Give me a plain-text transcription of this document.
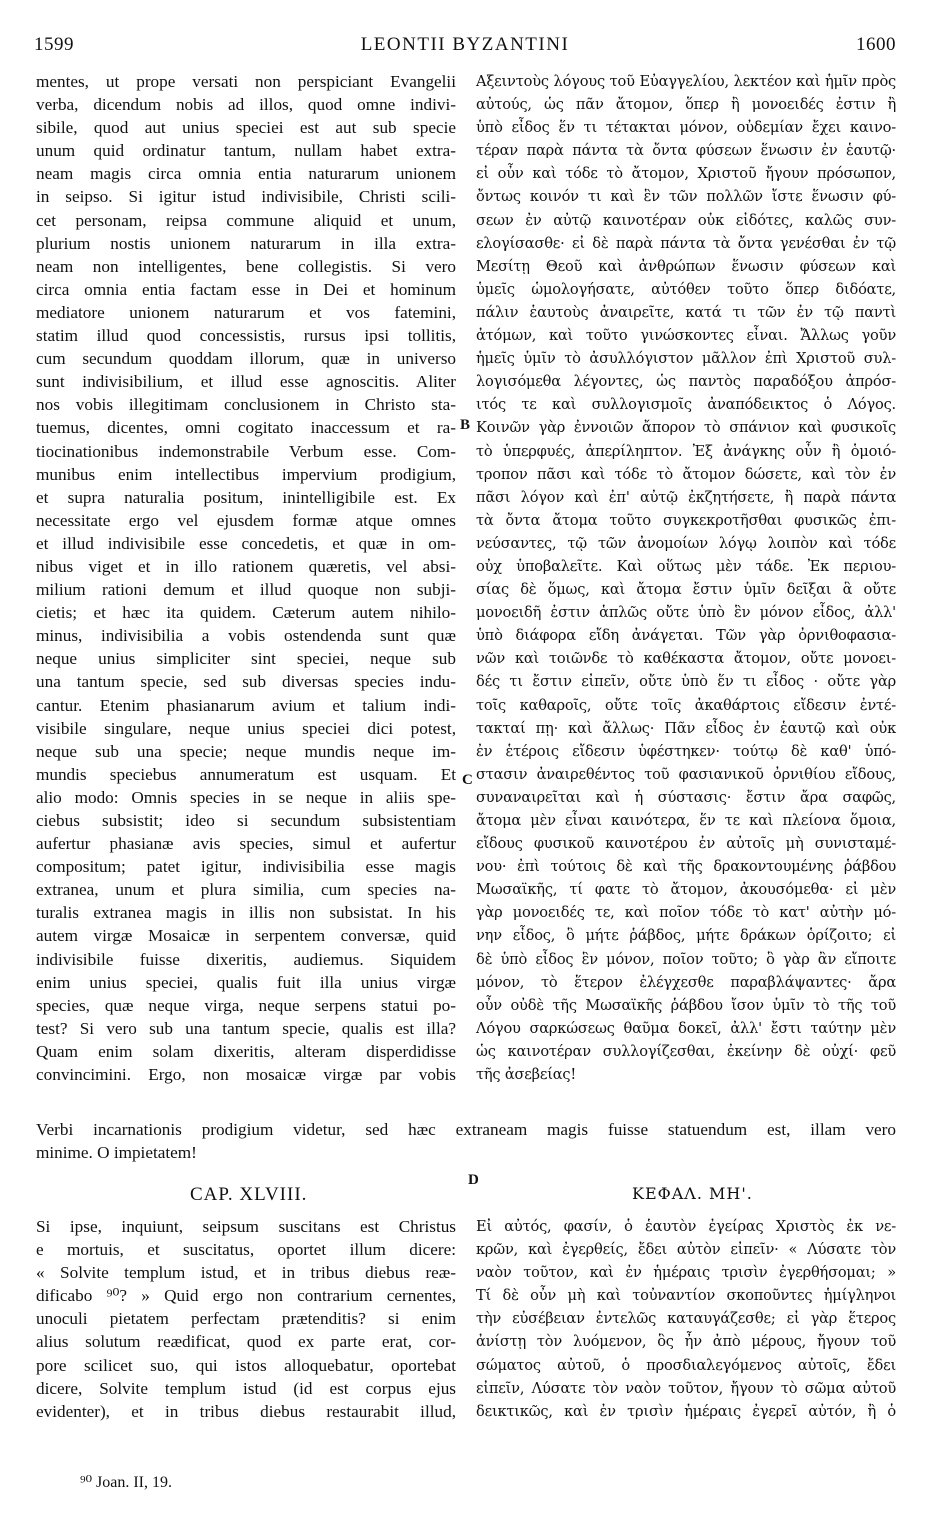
1599	LEONTII BYZANTINI	1600
mentes, ut prope versati non perspiciant Evangelii
verba, dicendum nobis ad illos, quod omne indivi-
sibile, quod aut unius speciei est aut sub specie
unum quid ordinatur tantum, nullam habet extra-
neam magis circa omnia entia naturarum unionem
in seipso. Si igitur istud indivisibile, Christi scili-
cet personam, reipsa commune aliquid et unum,
plurium nostis unionem naturarum in illa extra-
neam non intelligentes, bene collegistis. Si vero
circa omnia entia factam esse in Dei et hominum
mediatore unionem naturarum et vos fatemini,
statim illud quod concessistis, rursus ipsi tollitis,
cum secundum quoddam illorum, quæ in universo
sunt indivisibilium, et illud esse agnoscitis. Aliter
nos vobis illegitimam conclusionem in Christo sta-
tuemus, dicentes, omni cogitato inaccessum et ra-
tiocinationibus indemonstrabile Verbum esse. Com-
munibus enim intellectibus impervium prodigium,
et supra naturalia positum, inintelligibile est. Ex
necessitate ergo vel ejusdem formæ atque omnes
et illud indivisibile esse concedetis, et quæ in om-
nibus viget et in illo rationem quæretis, vel absi-
milium rationi demum et illud quoque non subji-
cietis; et hæc ita quidem. Cæterum autem nihilo-
minus, indivisibilia a vobis ostendenda sunt quæ
neque unius simpliciter sint speciei, neque sub
una tantum specie, sed sub diversas species indu-
cantur. Etenim phasianarum avium et talium indi-
visibile singulare, neque unius speciei dici potest,
neque sub una specie; neque mundis neque im-
mundis speciebus annumeratum est usquam. Et
alio modo: Omnis species in se neque in aliis spe-
ciebus subsistit; ideo si secundum subsistentiam
aufertur phasianæ avis species, simul et aufertur
compositum; patet igitur, indivisibilia esse magis
extranea, unum et plura similia, cum species na-
turalis extranea magis in illis non subsistat. In his
autem virgæ Mosaicæ in serpentem conversæ, quid
indivisibile fuisse dixeritis, audiemus. Siquidem
enim unius speciei, qualis fuit illa unius virgæ
species, quæ neque virga, neque serpens statui po-
test? Si vero sub una tantum specie, qualis est illa?
Quam enim solam dixeritis, alteram disperdidisse
convincimini. Ergo, non mosaicæ virgæ par vobis
Αξειντοὺς λόγους τοῦ Εὐαγγελίου, λεκτέον καὶ ἡμῖν πρὸς
αὐτούς, ὡς πᾶν ἄτομον, ὅπερ ἢ μονοειδές ἐστιν ἢ
ὑπὸ εἶδος ἕν τι τέτακται μόνον, οὐδεμίαν ἔχει καινο-
τέραν παρὰ πάντα τὰ ὄντα φύσεων ἕνωσιν ἐν ἑαυτῷ·
εἰ οὖν καὶ τόδε τὸ ἄτομον, Χριστοῦ ἤγουν πρόσωπον,
ὄντως κοινόν τι καὶ ἓν τῶν πολλῶν ἴστε ἕνωσιν φύ-
σεων ἐν αὐτῷ καινοτέραν οὐκ εἰδότες, καλῶς συν-
ελογίσασθε· εἰ δὲ παρὰ πάντα τὰ ὄντα γενέσθαι ἐν τῷ
Μεσίτῃ Θεοῦ καὶ ἀνθρώπων ἕνωσιν φύσεων καὶ
ὑμεῖς ὡμολογήσατε, αὐτόθεν τοῦτο ὅπερ διδόατε,
πάλιν ἑαυτοὺς ἀναιρεῖτε, κατά τι τῶν ἐν τῷ παντὶ
ἀτόμων, καὶ τοῦτο γινώσκοντες εἶναι. Ἄλλως γοῦν
ἡμεῖς ὑμῖν τὸ ἀσυλλόγιστον μᾶλλον ἐπὶ Χριστοῦ συλ-
λογισόμεθα λέγοντες, ὡς παντὸς παραδόξου ἀπρόσ-
ιτός τε καὶ συλλογισμοῖς ἀναπόδεικτος ὁ Λόγος.
Κοινῶν γὰρ ἐννοιῶν ἄπορον τὸ σπάνιον καὶ φυσικοῖς
τὸ ὑπερφυές, ἀπερίληπτον. Ἐξ ἀνάγκης οὖν ἢ ὁμοιό-
τροπον πᾶσι καὶ τόδε τὸ ἄτομον δώσετε, καὶ τὸν ἐν
πᾶσι λόγον καὶ ἐπ' αὐτῷ ἐκζητήσετε, ἢ παρὰ πάντα
τὰ ὄντα ἄτομα τοῦτο συγκεκροτῆσθαι φυσικῶς ἐπι-
νεύσαντες, τῷ τῶν ἀνομοίων λόγῳ λοιπὸν καὶ τόδε
οὐχ ὑποβαλεῖτε. Καὶ οὕτως μὲν τάδε. Ἐκ περιου-
σίας δὲ ὅμως, καὶ ἄτομα ἔστιν ὑμῖν δεῖξαι ἃ οὔτε
μονοειδῆ ἐστιν ἁπλῶς οὔτε ὑπὸ ἓν μόνον εἶδος, ἀλλ'
ὑπὸ διάφορα εἴδη ἀνάγεται. Τῶν γὰρ ὀρνιθοφασια-
νῶν καὶ τοιῶνδε τὸ καθέκαστα ἄτομον, οὔτε μονοει-
δές τι ἔστιν εἰπεῖν, οὔτε ὑπὸ ἕν τι εἶδος · οὔτε γὰρ
τοῖς καθαροῖς, οὔτε τοῖς ἀκαθάρτοις εἴδεσιν ἐντέ-
τακταί πῃ· καὶ ἄλλως· Πᾶν εἶδος ἐν ἑαυτῷ καὶ οὐκ
ἐν ἑτέροις εἴδεσιν ὑφέστηκεν· τούτῳ δὲ καθ' ὑπό-
στασιν ἀναιρεθέντος τοῦ φασιανικοῦ ὀρνιθίου εἴδους,
συναναιρεῖται καὶ ἡ σύστασις· ἔστιν ἄρα σαφῶς,
ἄτομα μὲν εἶναι καινότερα, ἕν τε καὶ πλείονα ὅμοια,
εἴδους φυσικοῦ καινοτέρου ἐν αὐτοῖς μὴ συνισταμέ-
νου· ἐπὶ τούτοις δὲ καὶ τῆς δρακοντουμένης ῥάβδου
Μωσαϊκῆς, τί φατε τὸ ἄτομον, ἀκουσόμεθα· εἰ μὲν
γὰρ μονοειδές τε, καὶ ποῖον τόδε τὸ κατ' αὐτὴν μό-
νην εἶδος, ὃ μήτε ῥάβδος, μήτε δράκων ὁρίζοιτο; εἰ
δὲ ὑπὸ εἶδος ἓν μόνον, ποῖον τοῦτο; ὃ γὰρ ἂν εἴποιτε
μόνον, τὸ ἕτερον ἐλέγχεσθε παραβλάψαντες· ἄρα
οὖν οὐδὲ τῆς Μωσαϊκῆς ῥάβδου ἴσον ὑμῖν τὸ τῆς τοῦ
Λόγου σαρκώσεως θαῦμα δοκεῖ, ἀλλ' ἔστι ταύτην μὲν
ὡς καινοτέραν συλλογίζεσθαι, ἐκείνην δὲ οὐχί· φεῦ
τῆς ἀσεβείας!
B
C
D
Verbi incarnationis prodigium videtur, sed hæc extraneam magis fuisse statuendum est, illam vero
minime. O impietatem!
CAP. XLVIII.	ΚΕΦΑΛ. ΜΗ'.
Si ipse, inquiunt, seipsum suscitans est Christus
e mortuis, et suscitatus, oportet illum dicere:
« Solvite templum istud, et in tribus diebus reæ-
dificabo ⁹⁰? » Quid ergo non contrarium cernentes,
unoculi pietatem perfectam prætenditis? si enim
alius solutum reædificat, quod ex parte erat, cor-
pore scilicet suo, qui istos alloquebatur, oportebat
dicere, Solvite templum istud (id est corpus ejus
evidenter), et in tribus diebus restaurabit illud,
Εἰ αὐτός, φασίν, ὁ ἑαυτὸν ἐγείρας Χριστὸς ἐκ νε-
κρῶν, καὶ ἐγερθείς, ἔδει αὐτὸν εἰπεῖν· « Λύσατε τὸν
ναὸν τοῦτον, καὶ ἐν ἡμέραις τρισὶν ἐγερθήσομαι; »
Τί δὲ οὖν μὴ καὶ τοὐναντίον σκοποῦντες ἡμίγληνοι
τὴν εὐσέβειαν ἐντελῶς καταυγάζεσθε; εἰ γὰρ ἕτερος
ἀνίστῃ τὸν λυόμενον, ὃς ἦν ἀπὸ μέρους, ἤγουν τοῦ
σώματος αὐτοῦ, ὁ προσδιαλεγόμενος αὐτοῖς, ἔδει
εἰπεῖν, Λύσατε τὸν ναὸν τοῦτον, ἤγουν τὸ σῶμα αὐτοῦ
δεικτικῶς, καὶ ἐν τρισὶν ἡμέραις ἐγερεῖ αὐτόν, ἢ ὁ
⁹⁰ Joan. II, 19.
